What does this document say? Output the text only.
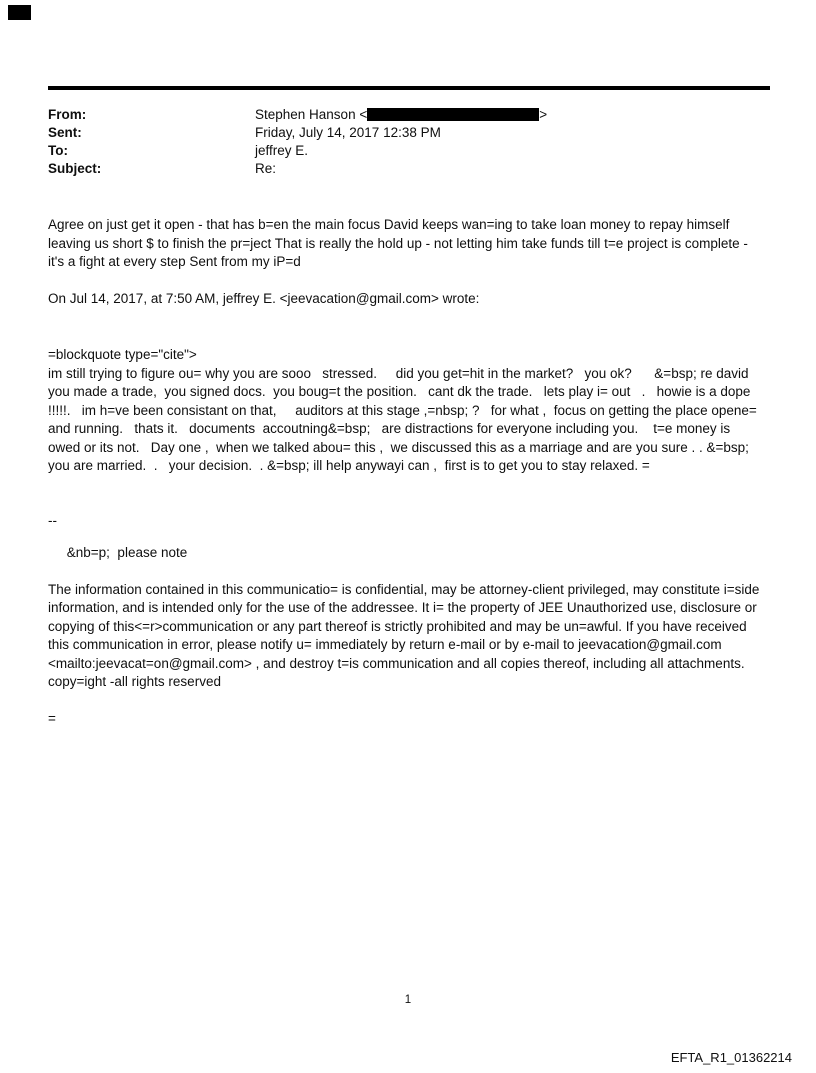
From:	Stephen Hanson <	>
Sent:	Friday, July 14, 2017 12:38 PM
To:	jeffrey E.
Subject:	Re:
Agree on just get it open - that has b=en the main focus David keeps wan=ing to take loan money to repay himself leaving us short $ to finish the pr=ject That is really the hold up - not letting him take funds till t=e project is complete - it's a fight at every step Sent from my iP=d
On Jul 14, 2017, at 7:50 AM, jeffrey E. <jeevacation@gmail.com> wrote:
=blockquote type="cite">
im still trying to figure ou= why you are sooo   stressed.     did you get=hit in the market?   you ok?      &=bsp; re david you made a trade,  you signed docs.  you boug=t the position.   cant dk the trade.   lets play i= out   .   howie is a dope !!!!!.   im h=ve been consistant on that,     auditors at this stage ,=nbsp; ?   for what ,  focus on getting the place opene= and running.   thats it.   documents  accoutning&=bsp;   are distractions for everyone including you.    t=e money is owed or its not.   Day one ,  when we talked abou= this ,  we discussed this as a marriage and are you sure . . &=bsp;   you are married.  .   your decision.  . &=bsp; ill help anywayi can ,  first is to get you to stay relaxed. =
--
&nb=p;  please note
The information contained in this communicatio= is confidential, may be attorney-client privileged, may constitute i=side information, and is intended only for the use of the addressee. It i= the property of JEE Unauthorized use, disclosure or copying of this<=r>communication or any part thereof is strictly prohibited and may be un=awful. If you have received this communication in error, please notify u= immediately by return e-mail or by e-mail to jeevacation@gmail.com <mailto:jeevacat=on@gmail.com> , and destroy t=is communication and all copies thereof, including all attachments. copy=ight -all rights reserved
=
1
EFTA_R1_01362214
